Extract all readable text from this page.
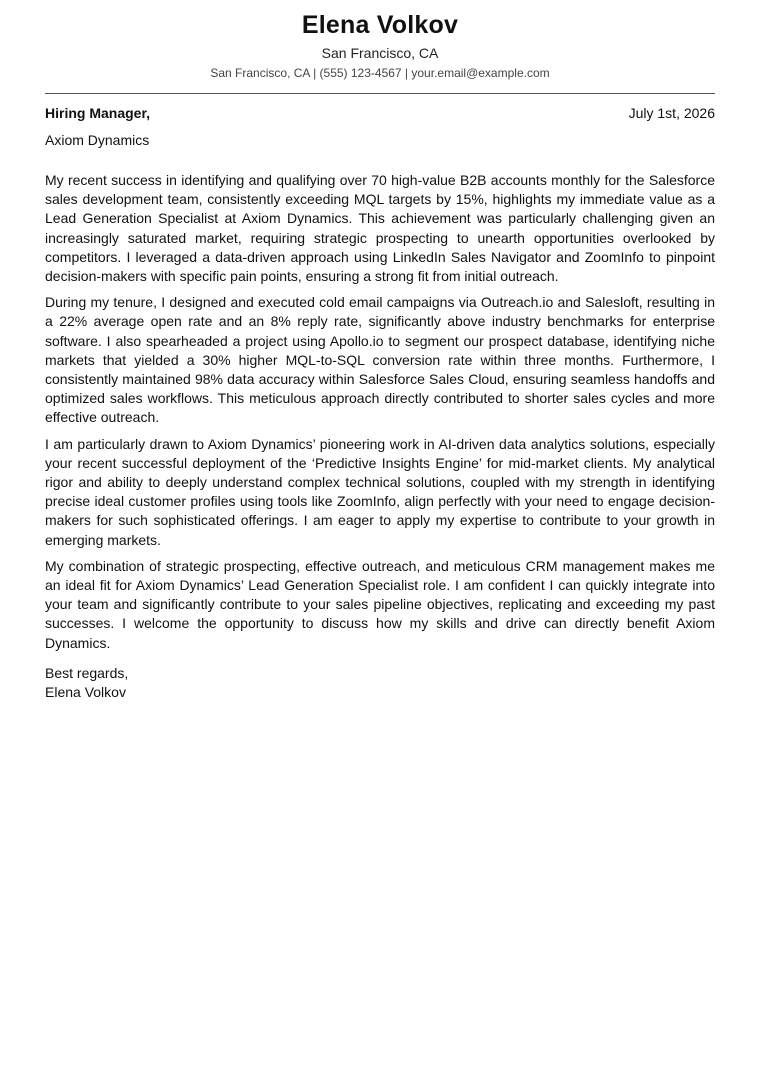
Elena Volkov
San Francisco, CA
San Francisco, CA | (555) 123-4567 | your.email@example.com
Hiring Manager,	July 1st, 2026
Axiom Dynamics

My recent success in identifying and qualifying over 70 high-value B2B accounts monthly for the Salesforce sales development team, consistently exceeding MQL targets by 15%, highlights my immediate value as a Lead Generation Specialist at Axiom Dynamics. This achievement was particularly challenging given an increasingly saturated market, requiring strategic prospecting to unearth opportunities overlooked by competitors. I leveraged a data-driven approach using LinkedIn Sales Navigator and ZoomInfo to pinpoint decision-makers with specific pain points, ensuring a strong fit from initial outreach.

During my tenure, I designed and executed cold email campaigns via Outreach.io and Salesloft, resulting in a 22% average open rate and an 8% reply rate, significantly above industry benchmarks for enterprise software. I also spearheaded a project using Apollo.io to segment our prospect database, identifying niche markets that yielded a 30% higher MQL-to-SQL conversion rate within three months. Furthermore, I consistently maintained 98% data accuracy within Salesforce Sales Cloud, ensuring seamless handoffs and optimized sales workflows. This meticulous approach directly contributed to shorter sales cycles and more effective outreach.

I am particularly drawn to Axiom Dynamics’ pioneering work in AI-driven data analytics solutions, especially your recent successful deployment of the ‘Predictive Insights Engine’ for mid-market clients. My analytical rigor and ability to deeply understand complex technical solutions, coupled with my strength in identifying precise ideal customer profiles using tools like ZoomInfo, align perfectly with your need to engage decision-makers for such sophisticated offerings. I am eager to apply my expertise to contribute to your growth in emerging markets.

My combination of strategic prospecting, effective outreach, and meticulous CRM management makes me an ideal fit for Axiom Dynamics’ Lead Generation Specialist role. I am confident I can quickly integrate into your team and significantly contribute to your sales pipeline objectives, replicating and exceeding my past successes. I welcome the opportunity to discuss how my skills and drive can directly benefit Axiom Dynamics.

Best regards,
Elena Volkov
